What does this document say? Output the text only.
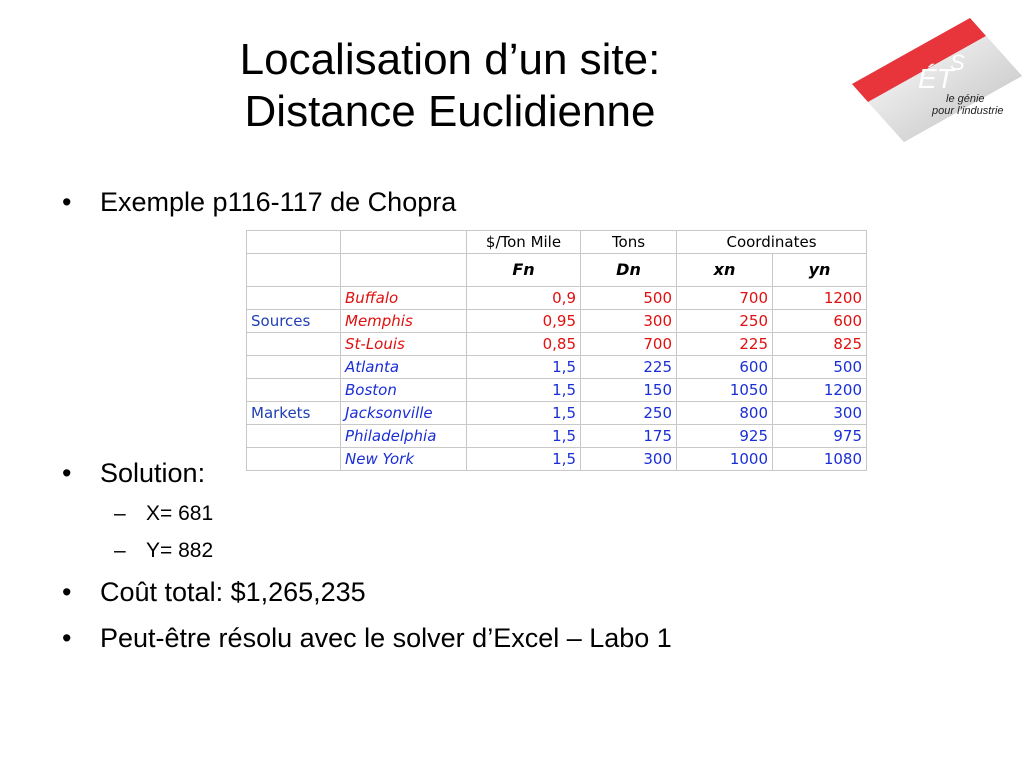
Localisation d’un site:
Distance Euclidienne
ÉT
S
le génie
pour l’industrie
• Exemple p116-117 de Chopra
		$/Ton Mile	Tons	Coordinates	
		Fn	Dn	xn	yn
	Buffalo	0,9	500	700	1200
Sources	Memphis	0,95	300	250	600
	St-Louis	0,85	700	225	825
	Atlanta	1,5	225	600	500
	Boston	1,5	150	1050	1200
Markets	Jacksonville	1,5	250	800	300
	Philadelphia	1,5	175	925	975
	New York	1,5	300	1000	1080
• Solution:
– X= 681
– Y= 882
• Coût total: $1,265,235
• Peut-être résolu avec le solver d’Excel – Labo 1
